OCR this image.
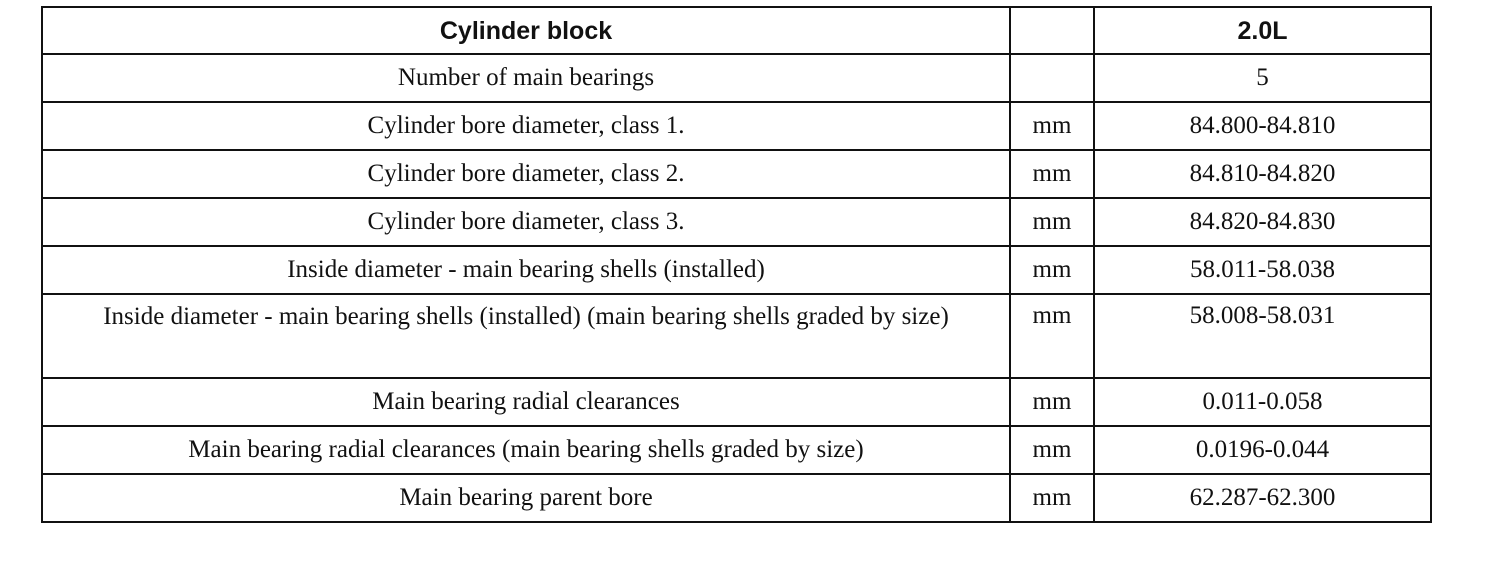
Cylinder block		2.0L
Number of main bearings		5
Cylinder bore diameter, class 1.	mm	84.800-84.810
Cylinder bore diameter, class 2.	mm	84.810-84.820
Cylinder bore diameter, class 3.	mm	84.820-84.830
Inside diameter - main bearing shells (installed)	mm	58.011-58.038
Inside diameter - main bearing shells (installed) (main bearing shells graded by size)	mm	58.008-58.031
Main bearing radial clearances	mm	0.011-0.058
Main bearing radial clearances (main bearing shells graded by size)	mm	0.0196-0.044
Main bearing parent bore	mm	62.287-62.300
